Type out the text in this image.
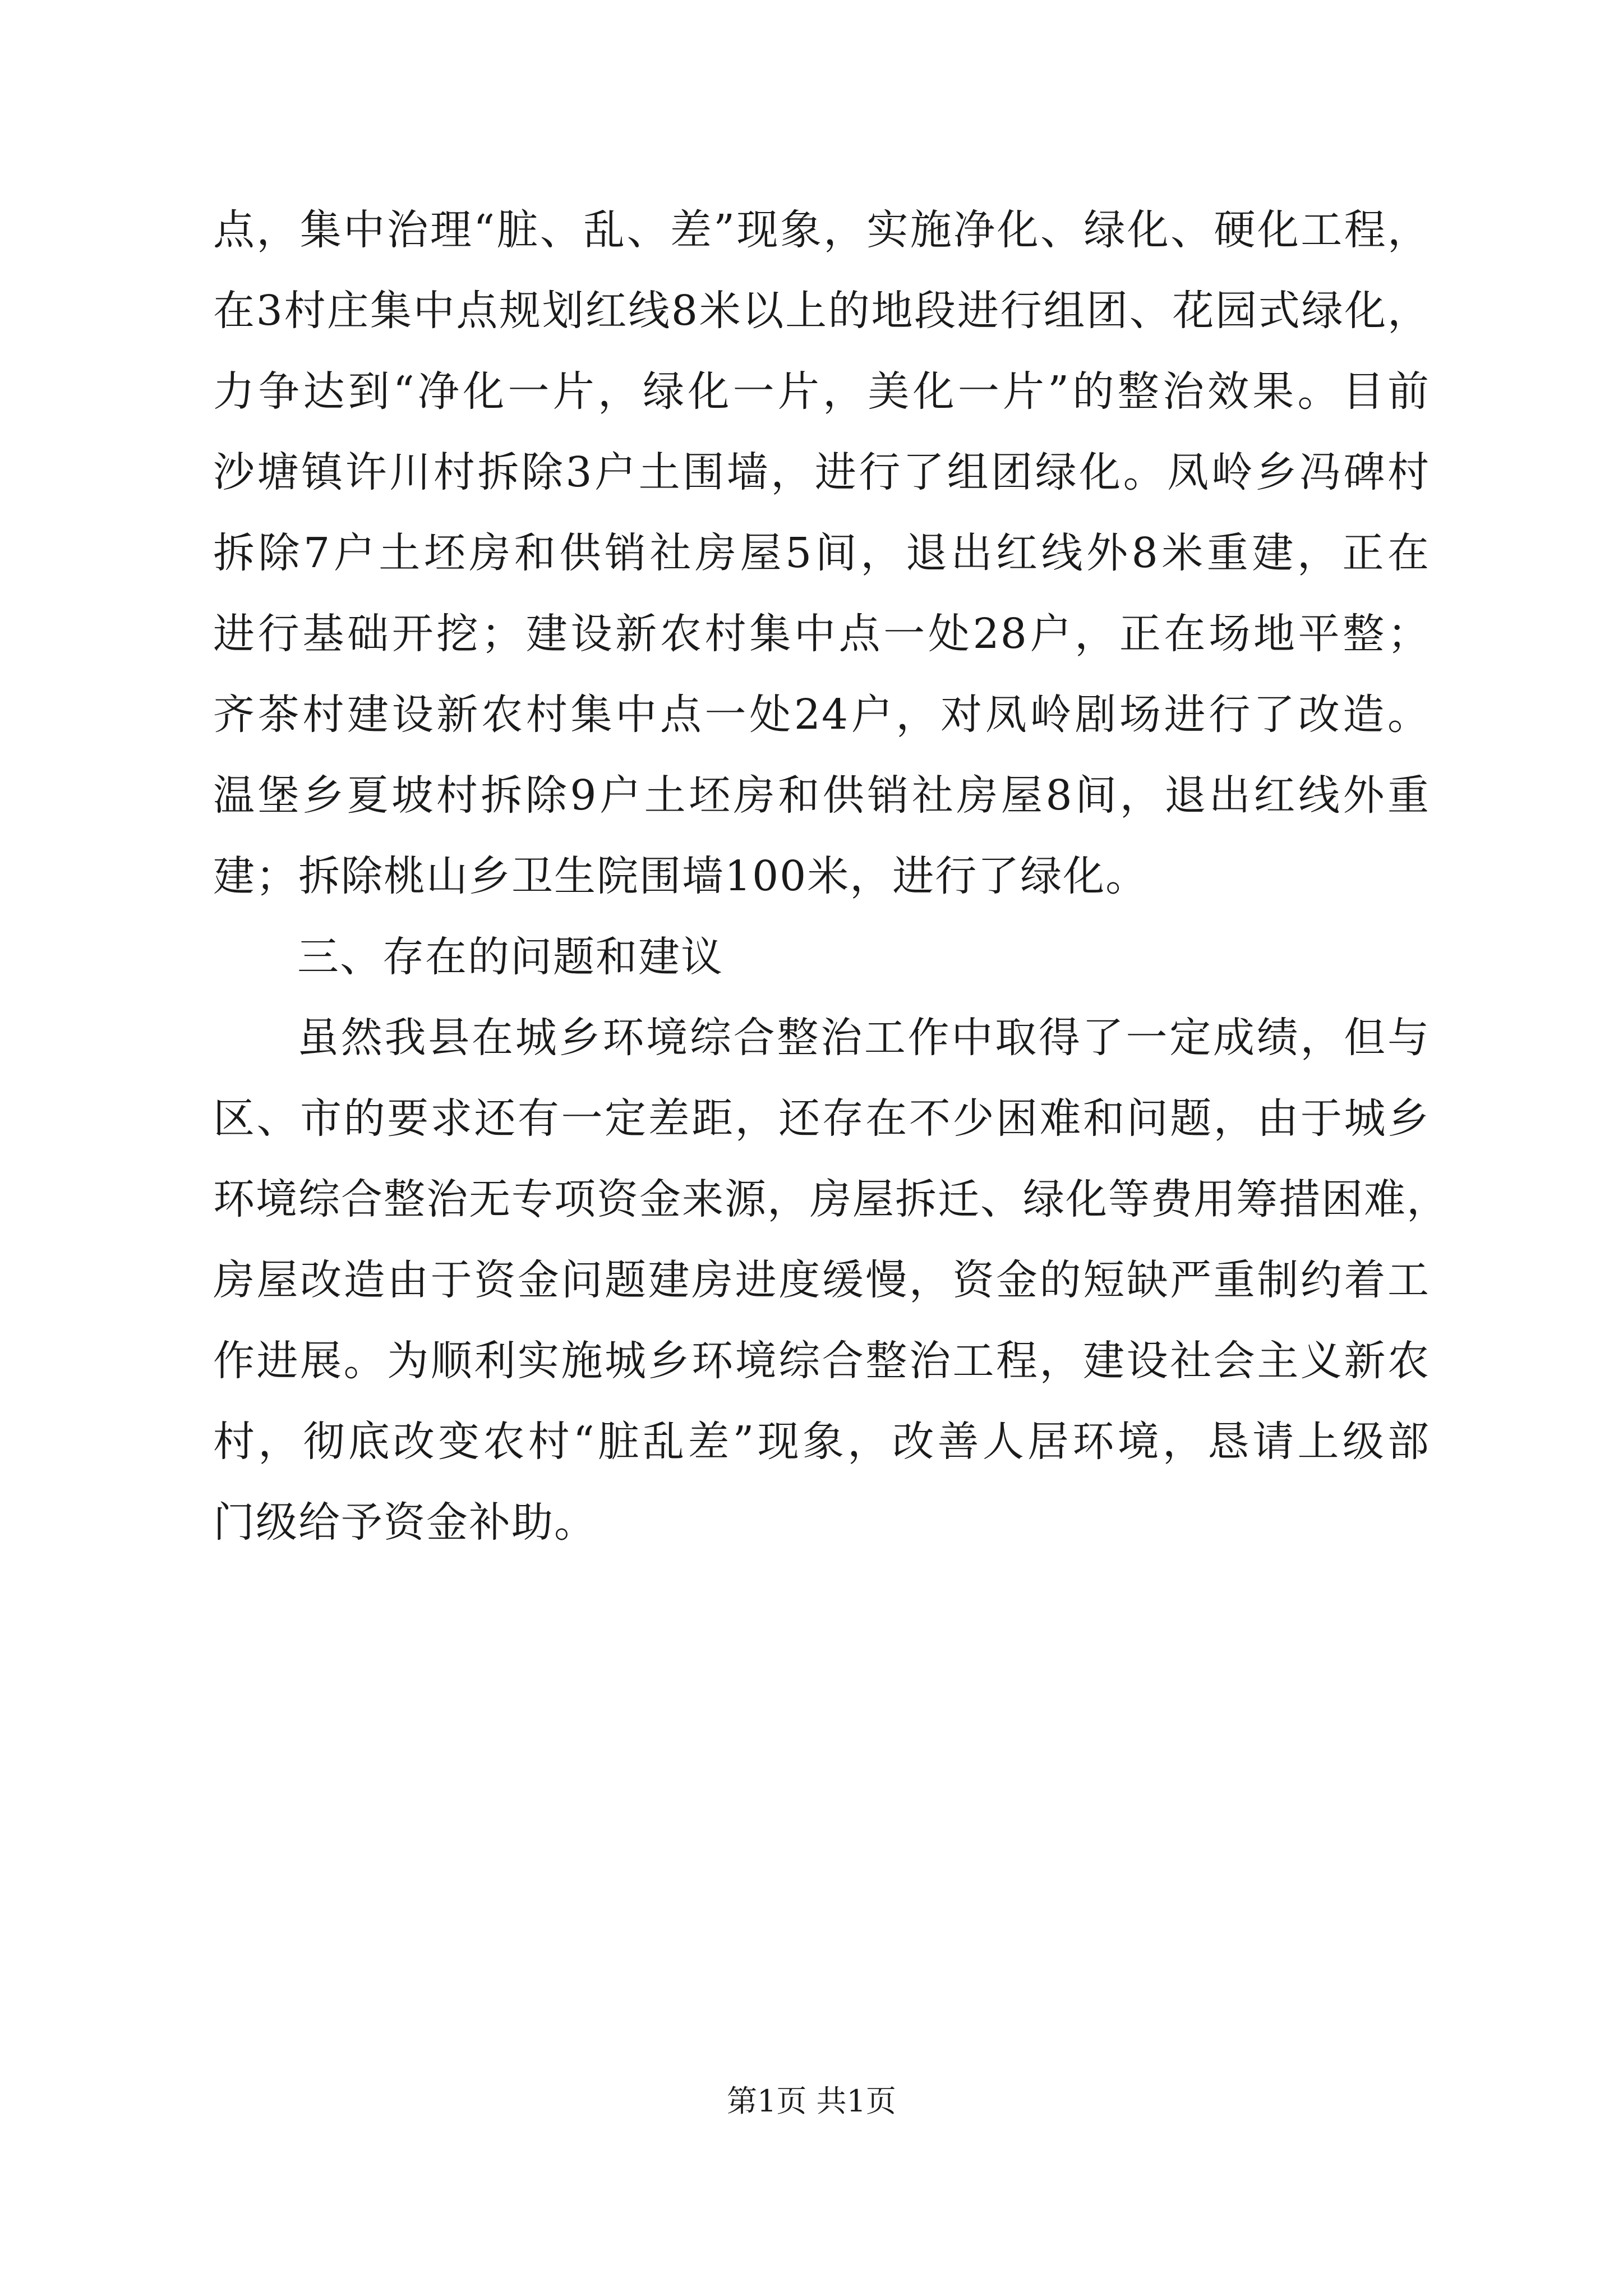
点，集中治理“脏、乱、差”现象，实施净化、绿化、硬化工程，
在3村庄集中点规划红线8米以上的地段进行组团、花园式绿化，
力争达到“净化一片，绿化一片，美化一片”的整治效果。目前
沙塘镇许川村拆除3户土围墙，进行了组团绿化。凤岭乡冯碑村
拆除7户土坯房和供销社房屋5间，退出红线外8米重建，正在
进行基础开挖；建设新农村集中点一处28户，正在场地平整；
齐茶村建设新农村集中点一处24户，对凤岭剧场进行了改造。
温堡乡夏坡村拆除9户土坯房和供销社房屋8间，退出红线外重
建；拆除桃山乡卫生院围墙100米，进行了绿化。
三、存在的问题和建议
虽然我县在城乡环境综合整治工作中取得了一定成绩，但与
区、市的要求还有一定差距，还存在不少困难和问题，由于城乡
环境综合整治无专项资金来源，房屋拆迁、绿化等费用筹措困难，
房屋改造由于资金问题建房进度缓慢，资金的短缺严重制约着工
作进展。为顺利实施城乡环境综合整治工程，建设社会主义新农
村，彻底改变农村“脏乱差”现象，改善人居环境，恳请上级部
门级给予资金补助。
第1页 共1页
